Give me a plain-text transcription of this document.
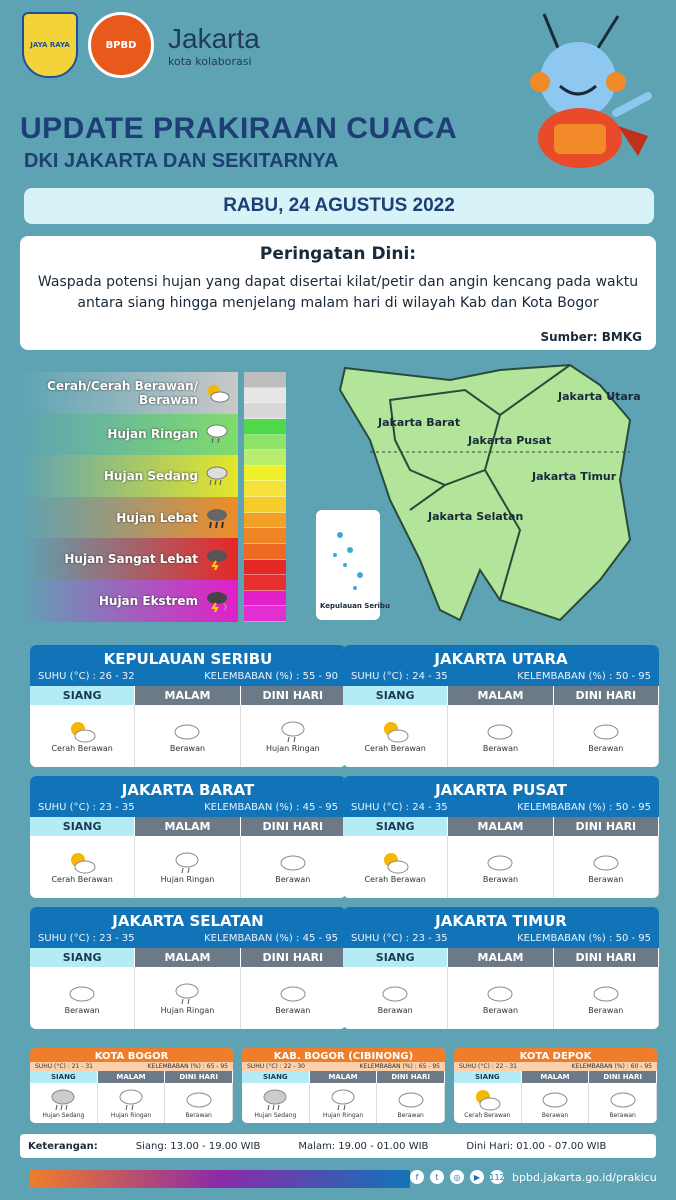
JAYA RAYA	BPBD	Jakarta
kota kolaborasi
UPDATE PRAKIRAAN CUACA
DKI JAKARTA DAN SEKITARNYA
RABU, 24 AGUSTUS 2022
Peringatan Dini:
Waspada potensi hujan yang dapat disertai kilat/petir dan angin kencang pada waktu
antara siang hingga menjelang malam hari di wilayah Kab dan Kota Bogor
Sumber: BMKG
Cerah/Cerah Berawan/
Berawan
Hujan Ringan
Hujan Sedang
Hujan Lebat
Hujan Sangat Lebat
Hujan Ekstrem
Jakarta Utara
Jakarta Barat
Jakarta Pusat
Jakarta Timur
Jakarta Selatan
Kepulauan Seribu
KEPULAUAN SERIBU
SUHU (°C) : 26 - 32	KELEMBABAN (%) : 55 - 90
SIANG	MALAM	DINI HARI
Cerah Berawan	Berawan	Hujan Ringan
JAKARTA UTARA
SUHU (°C) : 24 - 35	KELEMBABAN (%) : 50 - 95
SIANG	MALAM	DINI HARI
Cerah Berawan	Berawan	Berawan
JAKARTA BARAT
SUHU (°C) : 23 - 35	KELEMBABAN (%) : 45 - 95
SIANG	MALAM	DINI HARI
Cerah Berawan	Hujan Ringan	Berawan
JAKARTA PUSAT
SUHU (°C) : 24 - 35	KELEMBABAN (%) : 50 - 95
SIANG	MALAM	DINI HARI
Cerah Berawan	Berawan	Berawan
JAKARTA SELATAN
SUHU (°C) : 23 - 35	KELEMBABAN (%) : 45 - 95
SIANG	MALAM	DINI HARI
Berawan	Hujan Ringan	Berawan
JAKARTA TIMUR
SUHU (°C) : 23 - 35	KELEMBABAN (%) : 50 - 95
SIANG	MALAM	DINI HARI
Berawan	Berawan	Berawan
KOTA BOGOR
SUHU (°C) : 21 - 31	KELEMBABAN (%) : 65 - 95
SIANG	MALAM	DINI HARI
Hujan Sedang	Hujan Ringan	Berawan
KAB. BOGOR (CIBINONG)
SUHU (°C) : 22 - 30	KELEMBABAN (%) : 65 - 95
SIANG	MALAM	DINI HARI
Hujan Sedang	Hujan Ringan	Berawan
KOTA DEPOK
SUHU (°C) : 22 - 31	KELEMBABAN (%) : 60 - 95
SIANG	MALAM	DINI HARI
Cerah Berawan	Berawan	Berawan
Keterangan:	Siang: 13.00 - 19.00 WIB	Malam: 19.00 - 01.00 WIB	Dini Hari: 01.00 - 07.00 WIB
f	t	◎	▶	112 bpbd.jakarta.go.id/prakicu
